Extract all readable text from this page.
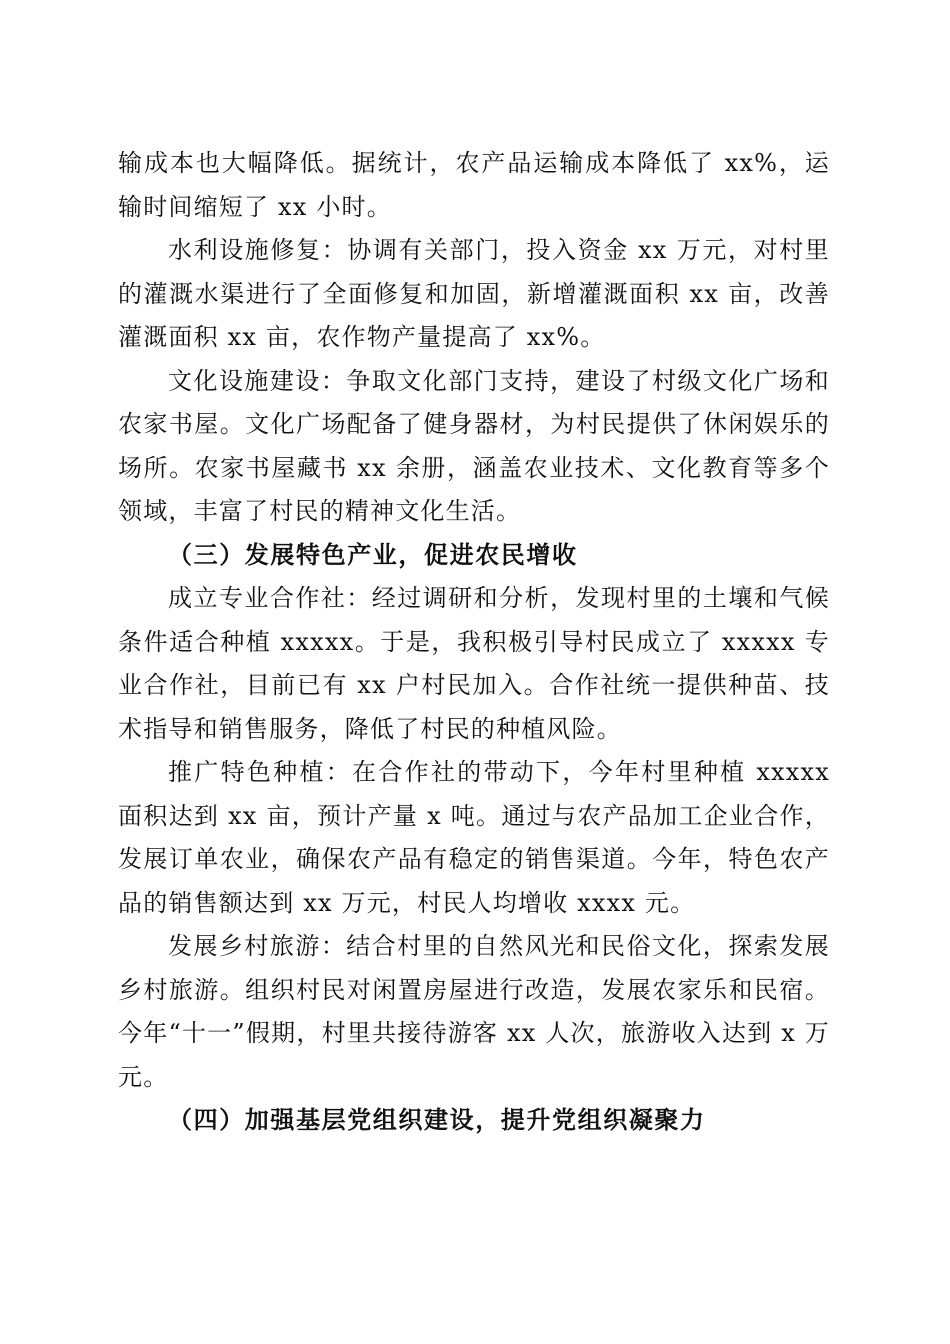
输成本也大幅降低。据统计，农产品运输成本降低了 xx%，运输时间缩短了 xx 小时。

水利设施修复：协调有关部门，投入资金 xx 万元，对村里的灌溉水渠进行了全面修复和加固，新增灌溉面积 xx 亩，改善灌溉面积 xx 亩，农作物产量提高了 xx%。

文化设施建设：争取文化部门支持，建设了村级文化广场和农家书屋。文化广场配备了健身器材，为村民提供了休闲娱乐的场所。农家书屋藏书 xx 余册，涵盖农业技术、文化教育等多个领域，丰富了村民的精神文化生活。

（三）发展特色产业，促进农民增收

成立专业合作社：经过调研和分析，发现村里的土壤和气候条件适合种植 xxxxx。于是，我积极引导村民成立了 xxxxx 专业合作社，目前已有 xx 户村民加入。合作社统一提供种苗、技术指导和销售服务，降低了村民的种植风险。

推广特色种植：在合作社的带动下，今年村里种植 xxxxx 面积达到 xx 亩，预计产量 x 吨。通过与农产品加工企业合作，发展订单农业，确保农产品有稳定的销售渠道。今年，特色农产品的销售额达到 xx 万元，村民人均增收 xxxx 元。

发展乡村旅游：结合村里的自然风光和民俗文化，探索发展乡村旅游。组织村民对闲置房屋进行改造，发展农家乐和民宿。今年“十一”假期，村里共接待游客 xx 人次，旅游收入达到 x 万元。

（四）加强基层党组织建设，提升党组织凝聚力
